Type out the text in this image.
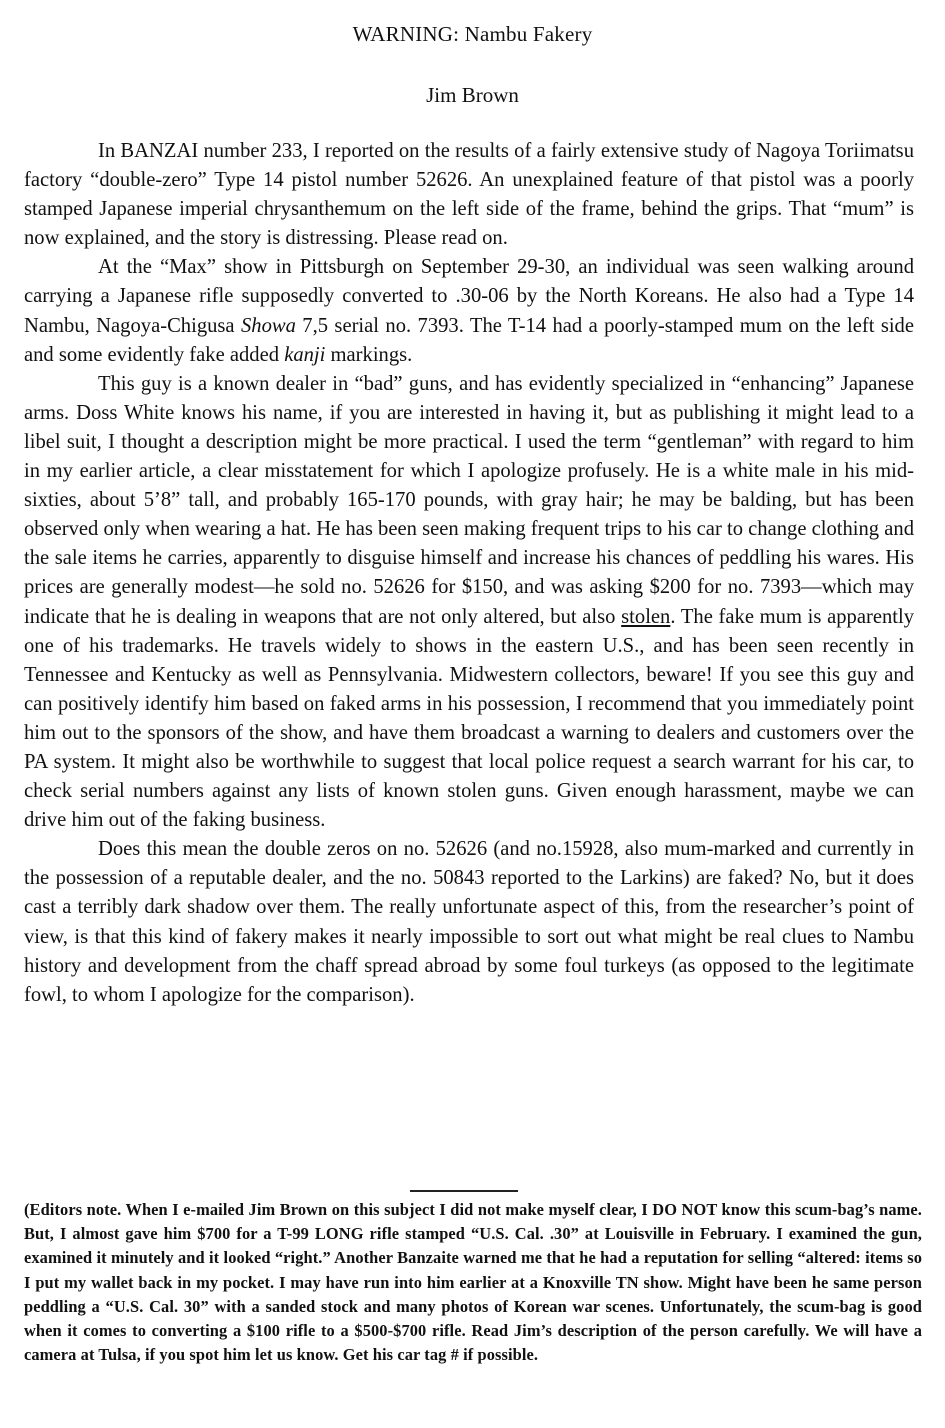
WARNING: Nambu Fakery
Jim Brown

In BANZAI number 233, I reported on the results of a fairly extensive study of Nagoya Toriimatsu factory “double-zero” Type 14 pistol number 52626. An unexplained feature of that pistol was a poorly stamped Japanese imperial chrysanthemum on the left side of the frame, behind the grips. That “mum” is now explained, and the story is distressing. Please read on.

At the “Max” show in Pittsburgh on September 29-30, an individual was seen walking around carrying a Japanese rifle supposedly converted to .30-06 by the North Koreans. He also had a Type 14 Nambu, Nagoya-Chigusa Showa 7,5 serial no. 7393. The T-14 had a poorly-stamped mum on the left side and some evidently fake added kanji markings.

This guy is a known dealer in “bad” guns, and has evidently specialized in “enhancing” Japanese arms. Doss White knows his name, if you are interested in having it, but as publishing it might lead to a libel suit, I thought a description might be more practical. I used the term “gentleman” with regard to him in my earlier article, a clear misstatement for which I apologize profusely. He is a white male in his mid-sixties, about 5’8” tall, and probably 165-170 pounds, with gray hair; he may be balding, but has been observed only when wearing a hat. He has been seen making frequent trips to his car to change clothing and the sale items he carries, apparently to disguise himself and increase his chances of peddling his wares. His prices are generally modest—he sold no. 52626 for $150, and was asking $200 for no. 7393—which may indicate that he is dealing in weapons that are not only altered, but also stolen. The fake mum is apparently one of his trademarks. He travels widely to shows in the eastern U.S., and has been seen recently in Tennessee and Kentucky as well as Pennsylvania. Midwestern collectors, beware! If you see this guy and can positively identify him based on faked arms in his possession, I recommend that you immediately point him out to the sponsors of the show, and have them broadcast a warning to dealers and customers over the PA system. It might also be worthwhile to suggest that local police request a search warrant for his car, to check serial numbers against any lists of known stolen guns. Given enough harassment, maybe we can drive him out of the faking business.

Does this mean the double zeros on no. 52626 (and no.15928, also mum-marked and currently in the possession of a reputable dealer, and the no. 50843 reported to the Larkins) are faked? No, but it does cast a terribly dark shadow over them. The really unfortunate aspect of this, from the researcher’s point of view, is that this kind of fakery makes it nearly impossible to sort out what might be real clues to Nambu history and development from the chaff spread abroad by some foul turkeys (as opposed to the legitimate fowl, to whom I apologize for the comparison).

(Editors note. When I e-mailed Jim Brown on this subject I did not make myself clear, I DO NOT know this scum-bag’s name. But, I almost gave him $700 for a T-99 LONG rifle stamped “U.S. Cal. .30” at Louisville in February. I examined the gun, examined it minutely and it looked “right.” Another Banzaite warned me that he had a reputation for selling “altered: items so I put my wallet back in my pocket. I may have run into him earlier at a Knoxville TN show. Might have been he same person peddling a “U.S. Cal. 30” with a sanded stock and many photos of Korean war scenes. Unfortunately, the scum-bag is good when it comes to converting a $100 rifle to a $500-$700 rifle. Read Jim’s description of the person carefully. We will have a camera at Tulsa, if you spot him let us know. Get his car tag # if possible.
